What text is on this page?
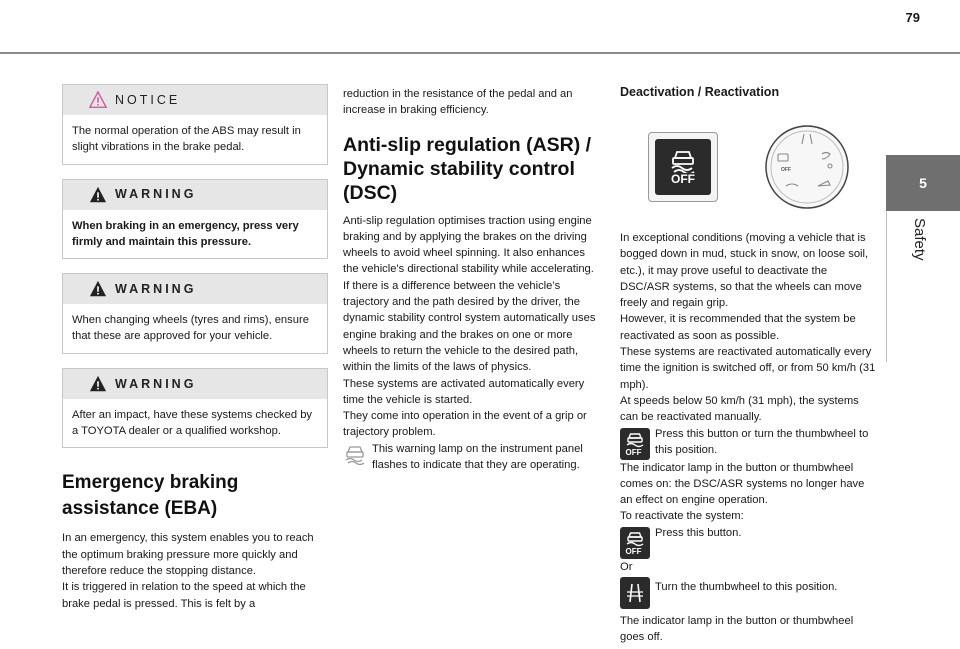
79
5
Safety
NOTICE
The normal operation of the ABS may result in slight vibrations in the brake pedal.
WARNING
When braking in an emergency, press very firmly and maintain this pressure.
WARNING
When changing wheels (tyres and rims), ensure that these are approved for your vehicle.
WARNING
After an impact, have these systems checked by a TOYOTA dealer or a qualified workshop.
Emergency braking assistance (EBA)

In an emergency, this system enables you to reach the optimum braking pressure more quickly and therefore reduce the stopping distance.

It is triggered in relation to the speed at which the brake pedal is pressed. This is felt by a

reduction in the resistance of the pedal and an increase in braking efficiency.

Anti-slip regulation (ASR) / Dynamic stability control (DSC)

Anti-slip regulation optimises traction using engine braking and by applying the brakes on the driving wheels to avoid wheel spinning. It also enhances the vehicle's directional stability while accelerating.

If there is a difference between the vehicle’s trajectory and the path desired by the driver, the dynamic stability control system automatically uses engine braking and the brakes on one or more wheels to return the vehicle to the desired path, within the limits of the laws of physics.

These systems are activated automatically every time the vehicle is started.

They come into operation in the event of a grip or trajectory problem.

This warning lamp on the instrument panel flashes to indicate that they are operating.

Deactivation / Reactivation
OFF
OFF

In exceptional conditions (moving a vehicle that is bogged down in mud, stuck in snow, on loose soil, etc.), it may prove useful to deactivate the DSC/ASR systems, so that the wheels can move freely and regain grip.

However, it is recommended that the system be reactivated as soon as possible.

These systems are reactivated automatically every time the ignition is switched off, or from 50 km/h (31 mph).

At speeds below 50 km/h (31 mph), the systems can be reactivated manually.

OFF

Press this button or turn the thumbwheel to this position.

The indicator lamp in the button or thumbwheel comes on: the DSC/ASR systems no longer have an effect on engine operation.

To reactivate the system:

OFF

Press this button.

Or

Turn the thumbwheel to this position.

The indicator lamp in the button or thumbwheel goes off.
